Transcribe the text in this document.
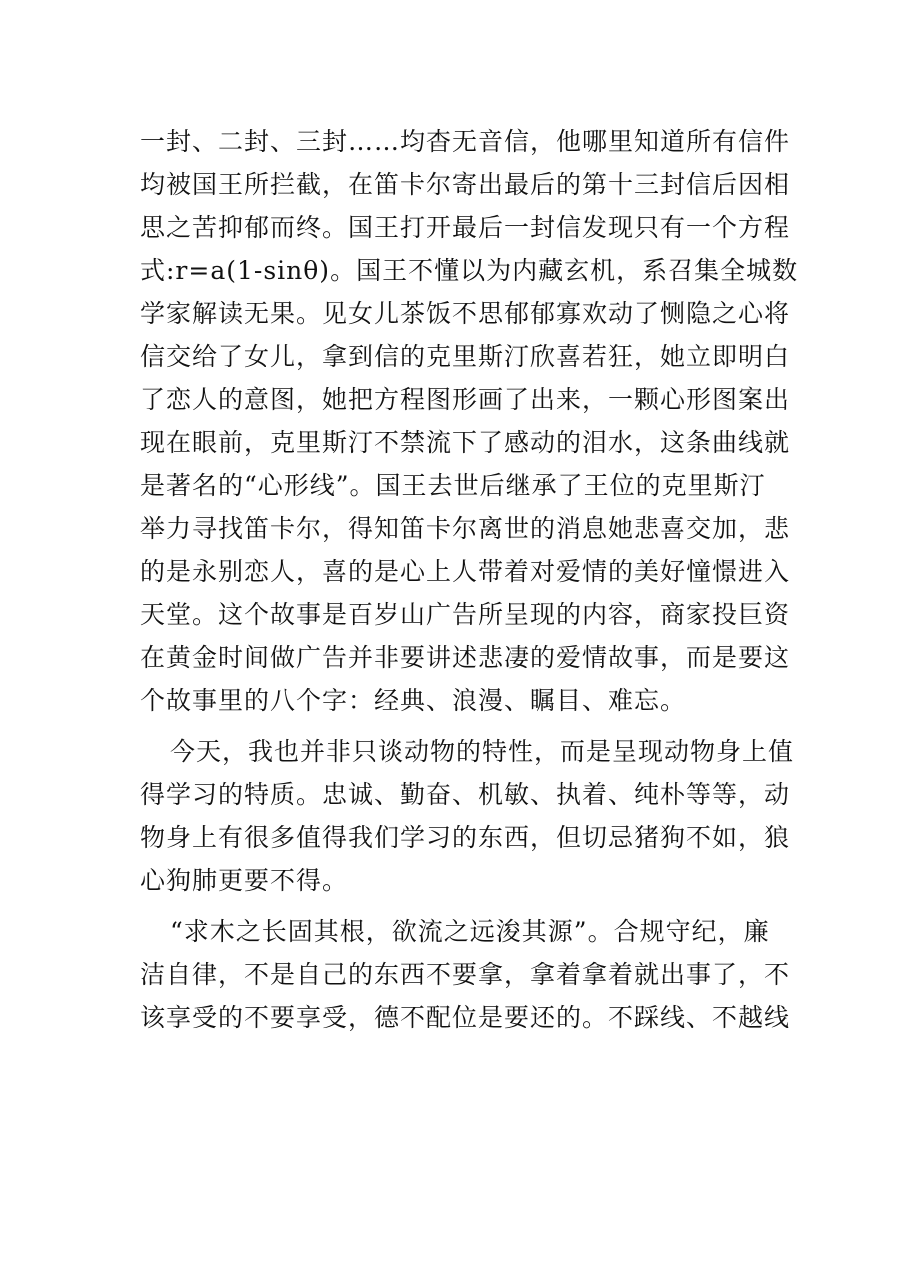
一封、二封、三封……均杳无音信，他哪里知道所有信件
均被国王所拦截，在笛卡尔寄出最后的第十三封信后因相
思之苦抑郁而终。国王打开最后一封信发现只有一个方程
式:r=a(1-sinθ)。国王不懂以为内藏玄机，系召集全城数
学家解读无果。见女儿茶饭不思郁郁寡欢动了恻隐之心将
信交给了女儿，拿到信的克里斯汀欣喜若狂，她立即明白
了恋人的意图，她把方程图形画了出来，一颗心形图案出
现在眼前，克里斯汀不禁流下了感动的泪水，这条曲线就
是著名的“心形线”。国王去世后继承了王位的克里斯汀
举力寻找笛卡尔，得知笛卡尔离世的消息她悲喜交加，悲
的是永别恋人，喜的是心上人带着对爱情的美好憧憬进入
天堂。这个故事是百岁山广告所呈现的内容，商家投巨资
在黄金时间做广告并非要讲述悲凄的爱情故事，而是要这
个故事里的八个字：经典、浪漫、瞩目、难忘。
今天，我也并非只谈动物的特性，而是呈现动物身上值
得学习的特质。忠诚、勤奋、机敏、执着、纯朴等等，动
物身上有很多值得我们学习的东西，但切忌猪狗不如，狼
心狗肺更要不得。
“求木之长固其根，欲流之远浚其源”。合规守纪，廉
洁自律，不是自己的东西不要拿，拿着拿着就出事了，不
该享受的不要享受，德不配位是要还的。不踩线、不越线
